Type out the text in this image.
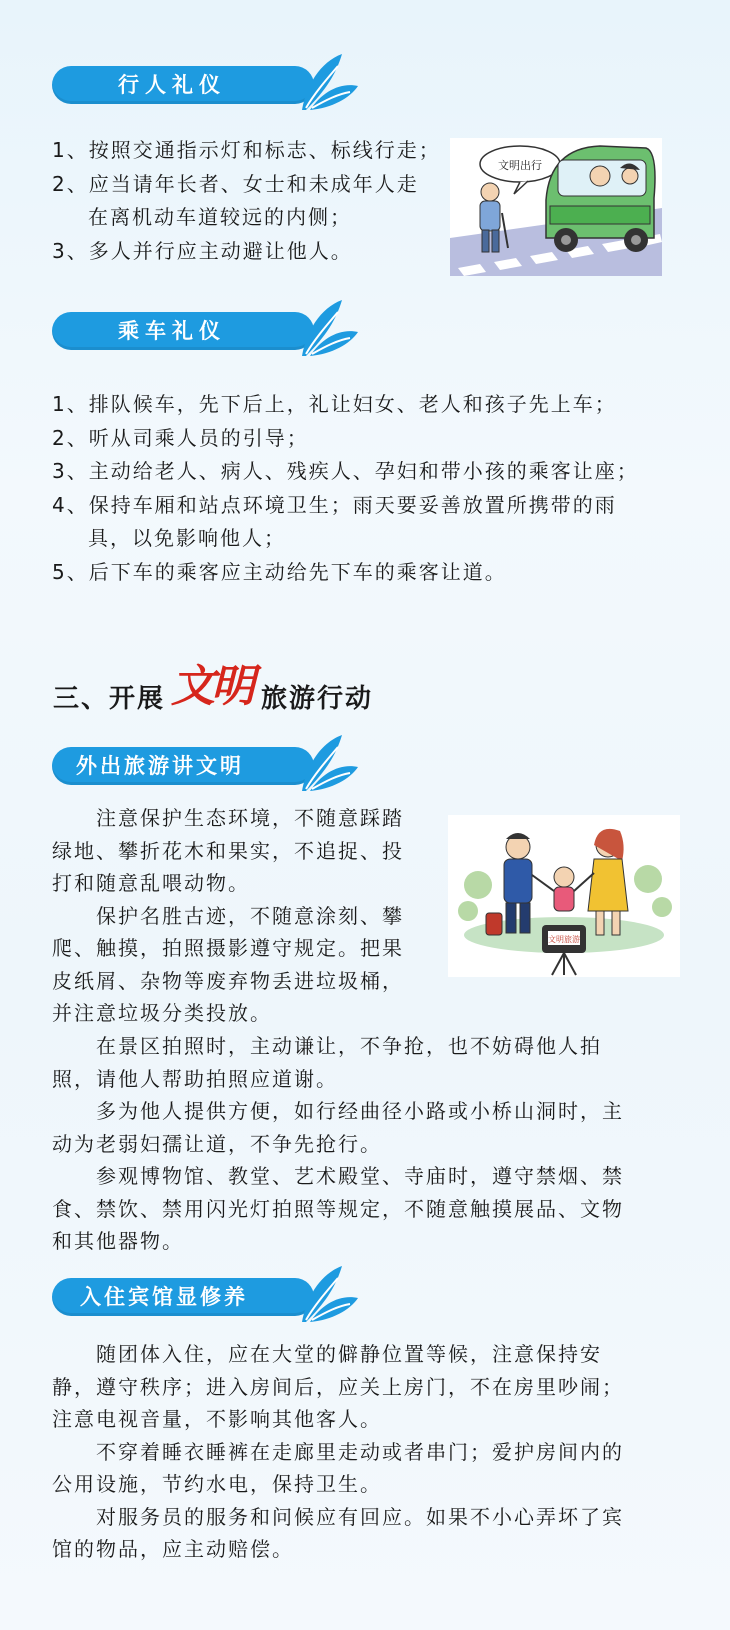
行人礼仪
1、按照交通指示灯和标志、标线行走；
2、应当请年长者、女士和未成年人走
在离机动车道较远的内侧；
3、多人并行应主动避让他人。
文明出行
乘车礼仪
1、排队候车，先下后上，礼让妇女、老人和孩子先上车；
2、听从司乘人员的引导；
3、主动给老人、病人、残疾人、孕妇和带小孩的乘客让座；
4、保持车厢和站点环境卫生；雨天要妥善放置所携带的雨
具，以免影响他人；
5、后下车的乘客应主动给先下车的乘客让道。
三、开展 文明 旅游行动
外出旅游讲文明

注意保护生态环境，不随意踩踏

绿地、攀折花木和果实，不追捉、投

打和随意乱喂动物。

保护名胜古迹，不随意涂刻、攀

爬、触摸，拍照摄影遵守规定。把果

皮纸屑、杂物等废弃物丢进垃圾桶，

并注意垃圾分类投放。

文明旅游

在景区拍照时，主动谦让，不争抢，也不妨碍他人拍

照，请他人帮助拍照应道谢。

多为他人提供方便，如行经曲径小路或小桥山洞时，主

动为老弱妇孺让道，不争先抢行。

参观博物馆、教堂、艺术殿堂、寺庙时，遵守禁烟、禁

食、禁饮、禁用闪光灯拍照等规定，不随意触摸展品、文物

和其他器物。

入住宾馆显修养

随团体入住，应在大堂的僻静位置等候，注意保持安

静，遵守秩序；进入房间后，应关上房门，不在房里吵闹；

注意电视音量，不影响其他客人。

不穿着睡衣睡裤在走廊里走动或者串门；爱护房间内的

公用设施，节约水电，保持卫生。

对服务员的服务和问候应有回应。如果不小心弄坏了宾

馆的物品，应主动赔偿。
